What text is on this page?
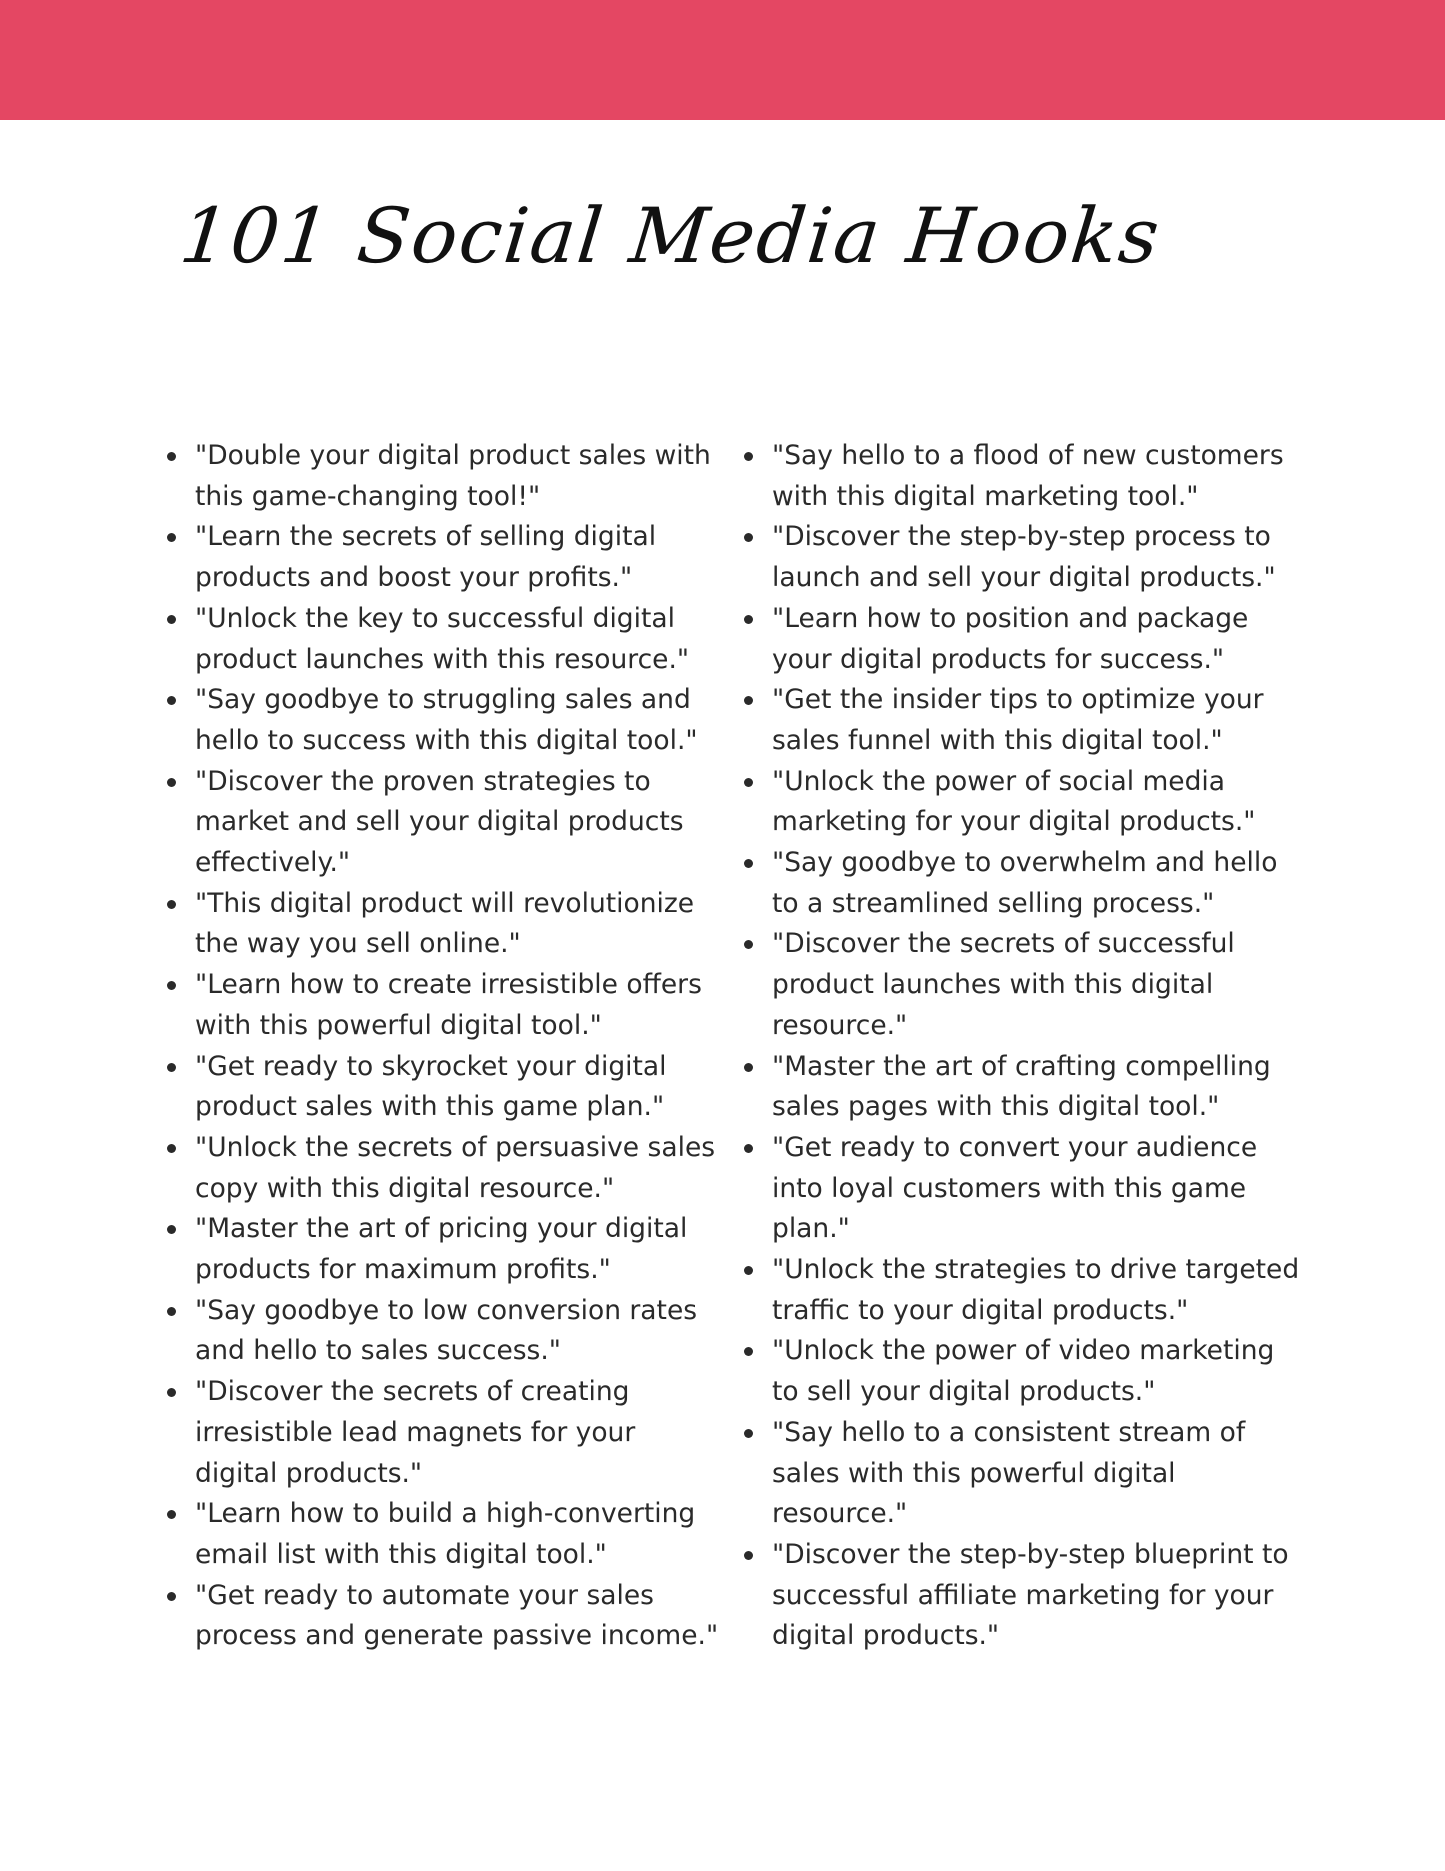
101 Social Media Hooks
"Double your digital product sales with this game-changing tool!"
"Learn the secrets of selling digital products and boost your profits."
"Unlock the key to successful digital product launches with this resource."
"Say goodbye to struggling sales and hello to success with this digital tool."
"Discover the proven strategies to market and sell your digital products effectively."
"This digital product will revolutionize the way you sell online."
"Learn how to create irresistible offers with this powerful digital tool."
"Get ready to skyrocket your digital product sales with this game plan."
"Unlock the secrets of persuasive sales copy with this digital resource."
"Master the art of pricing your digital products for maximum profits."
"Say goodbye to low conversion rates and hello to sales success."
"Discover the secrets of creating irresistible lead magnets for your digital products."
"Learn how to build a high-converting email list with this digital tool."
"Get ready to automate your sales process and generate passive income."
"Say hello to a flood of new customers with this digital marketing tool."
"Discover the step-by-step process to launch and sell your digital products."
"Learn how to position and package your digital products for success."
"Get the insider tips to optimize your sales funnel with this digital tool."
"Unlock the power of social media marketing for your digital products."
"Say goodbye to overwhelm and hello to a streamlined selling process."
"Discover the secrets of successful product launches with this digital resource."
"Master the art of crafting compelling sales pages with this digital tool."
"Get ready to convert your audience into loyal customers with this game plan."
"Unlock the strategies to drive targeted traffic to your digital products."
"Unlock the power of video marketing to sell your digital products."
"Say hello to a consistent stream of sales with this powerful digital resource."
"Discover the step-by-step blueprint to successful affiliate marketing for your digital products."
